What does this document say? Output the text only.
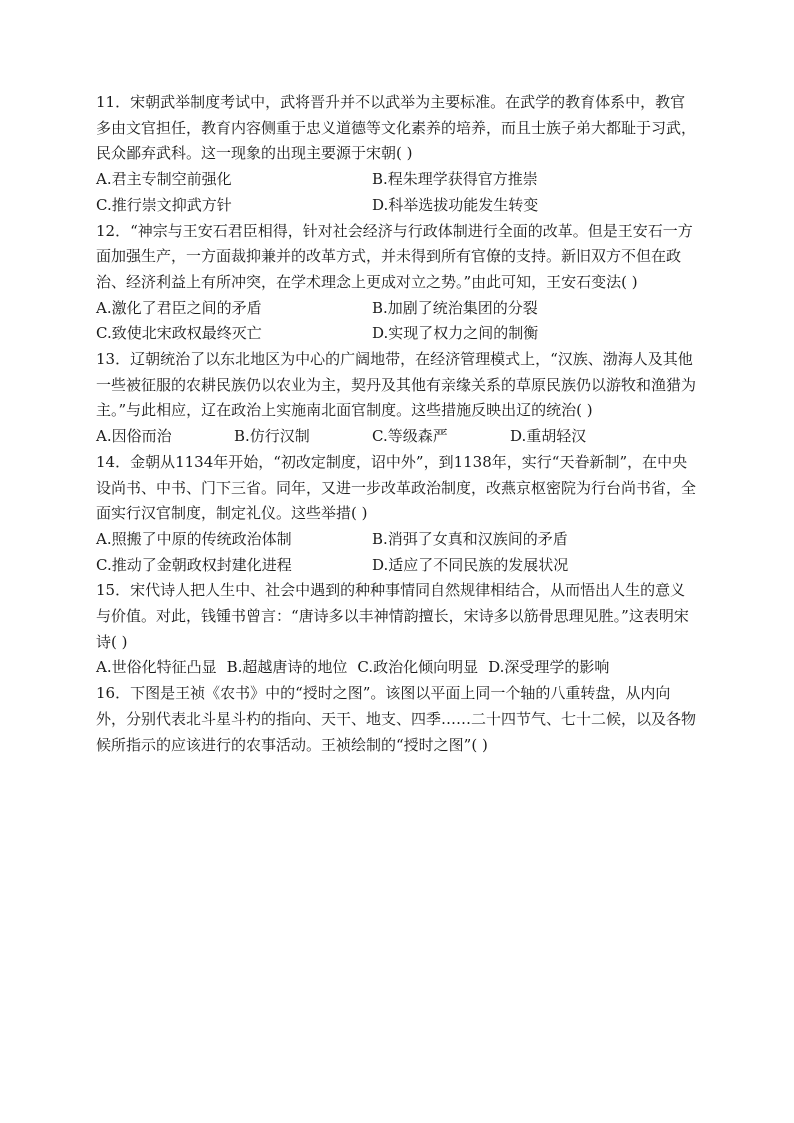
11．宋朝武举制度考试中，武将晋升并不以武举为主要标准。在武学的教育体系中，教官多由文官担任，教育内容侧重于忠义道德等文化素养的培养，而且士族子弟大都耻于习武，民众鄙弃武科。这一现象的出现主要源于宋朝( )

A.君主专制空前强化	B.程朱理学获得官方推崇
C.推行崇文抑武方针	D.科举选拔功能发生转变

12．“神宗与王安石君臣相得，针对社会经济与行政体制进行全面的改革。但是王安石一方面加强生产，一方面裁抑兼并的改革方式，并未得到所有官僚的支持。新旧双方不但在政治、经济利益上有所冲突，在学术理念上更成对立之势。”由此可知，王安石变法( )

A.激化了君臣之间的矛盾	B.加剧了统治集团的分裂
C.致使北宋政权最终灭亡	D.实现了权力之间的制衡

13．辽朝统治了以东北地区为中心的广阔地带，在经济管理模式上，“汉族、渤海人及其他一些被征服的农耕民族仍以农业为主，契丹及其他有亲缘关系的草原民族仍以游牧和渔猎为主。”与此相应，辽在政治上实施南北面官制度。这些措施反映出辽的统治( )

A.因俗而治	B.仿行汉制	C.等级森严	D.重胡轻汉

14．金朝从1134年开始，“初改定制度，诏中外”，到1138年，实行“天眷新制”，在中央设尚书、中书、门下三省。同年，又进一步改革政治制度，改燕京枢密院为行台尚书省，全面实行汉官制度，制定礼仪。这些举措( )

A.照搬了中原的传统政治体制	B.消弭了女真和汉族间的矛盾
C.推动了金朝政权封建化进程	D.适应了不同民族的发展状况

15．宋代诗人把人生中、社会中遇到的种种事情同自然规律相结合，从而悟出人生的意义与价值。对此，钱锺书曾言：“唐诗多以丰神情韵擅长，宋诗多以筋骨思理见胜。”这表明宋诗( )

A.世俗化特征凸显 B.超越唐诗的地位 C.政治化倾向明显 D.深受理学的影响

16．下图是王祯《农书》中的“授时之图”。该图以平面上同一个轴的八重转盘，从内向外，分别代表北斗星斗杓的指向、天干、地支、四季……二十四节气、七十二候，以及各物候所指示的应该进行的农事活动。王祯绘制的“授时之图”( )
